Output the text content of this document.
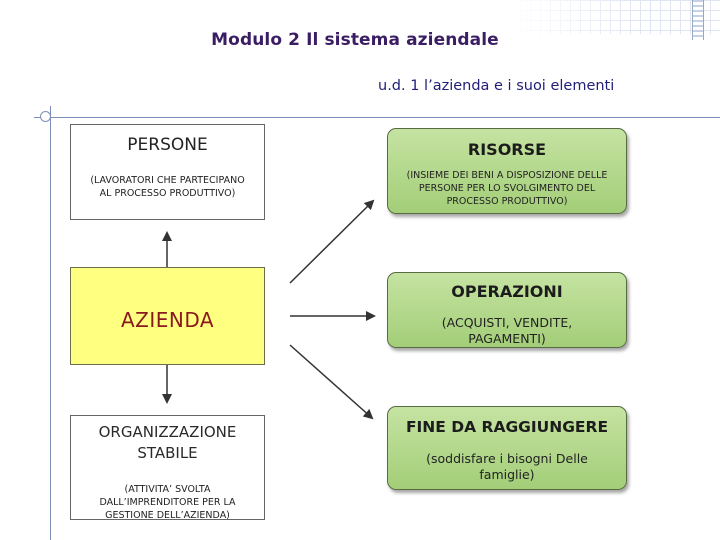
Modulo 2 Il sistema aziendale
u.d. 1 l’azienda e i suoi elementi
PERSONE
(LAVORATORI CHE PARTECIPANO AL PROCESSO PRODUTTIVO)
AZIENDA
ORGANIZZAZIONE STABILE
(ATTIVITA’ SVOLTA DALL’IMPRENDITORE PER LA GESTIONE DELL’AZIENDA)
RISORSE
(INSIEME DEI BENI A DISPOSIZIONE DELLE PERSONE PER LO SVOLGIMENTO DEL PROCESSO PRODUTTIVO)
OPERAZIONI
(ACQUISTI, VENDITE, PAGAMENTI)
FINE DA RAGGIUNGERE
(soddisfare i bisogni Delle famiglie)
